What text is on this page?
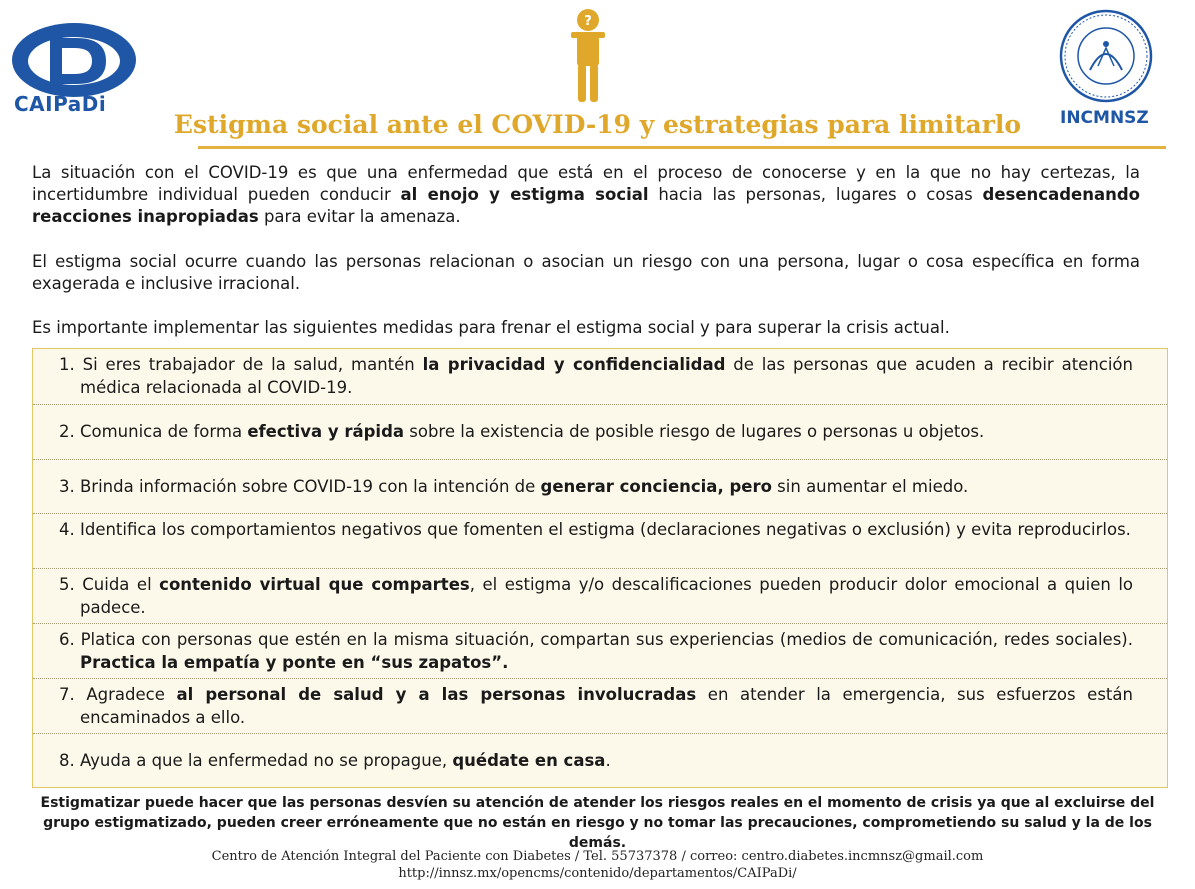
CAIPaDi
?
Estigma social ante el COVID-19 y estrategias para limitarlo	INCMNSZ
La situación con el COVID-19 es que una enfermedad que está en el proceso de conocerse y en la que no hay certezas, la incertidumbre individual pueden conducir al enojo y estigma social hacia las personas, lugares o cosas desencadenando reacciones inapropiadas para evitar la amenaza.
El estigma social ocurre cuando las personas relacionan o asocian un riesgo con una persona, lugar o cosa específica en forma exagerada e inclusive irracional.
Es importante implementar las siguientes medidas para frenar el estigma social y para superar la crisis actual.
1. Si eres trabajador de la salud, mantén la privacidad y confidencialidad de las personas que acuden a recibir atención médica relacionada al COVID-19.
2. Comunica de forma efectiva y rápida sobre la existencia de posible riesgo de lugares o personas u objetos.
3. Brinda información sobre COVID-19 con la intención de generar conciencia, pero sin aumentar el miedo.
4. Identifica los comportamientos negativos que fomenten el estigma (declaraciones negativas o exclusión) y evita reproducirlos.
5. Cuida el contenido virtual que compartes, el estigma y/o descalificaciones pueden producir dolor emocional a quien lo padece.
6. Platica con personas que estén en la misma situación, compartan sus experiencias (medios de comunicación, redes sociales). Practica la empatía y ponte en “sus zapatos”.
7. Agradece al personal de salud y a las personas involucradas en atender la emergencia, sus esfuerzos están encaminados a ello.
8. Ayuda a que la enfermedad no se propague, quédate en casa.
Estigmatizar puede hacer que las personas desvíen su atención de atender los riesgos reales en el momento de crisis ya que al excluirse del grupo estigmatizado, pueden creer erróneamente que no están en riesgo y no tomar las precauciones, comprometiendo su salud y la de los demás.
Centro de Atención Integral del Paciente con Diabetes / Tel. 55737378 / correo: centro.diabetes.incmnsz@gmail.com
http://innsz.mx/opencms/contenido/departamentos/CAIPaDi/
